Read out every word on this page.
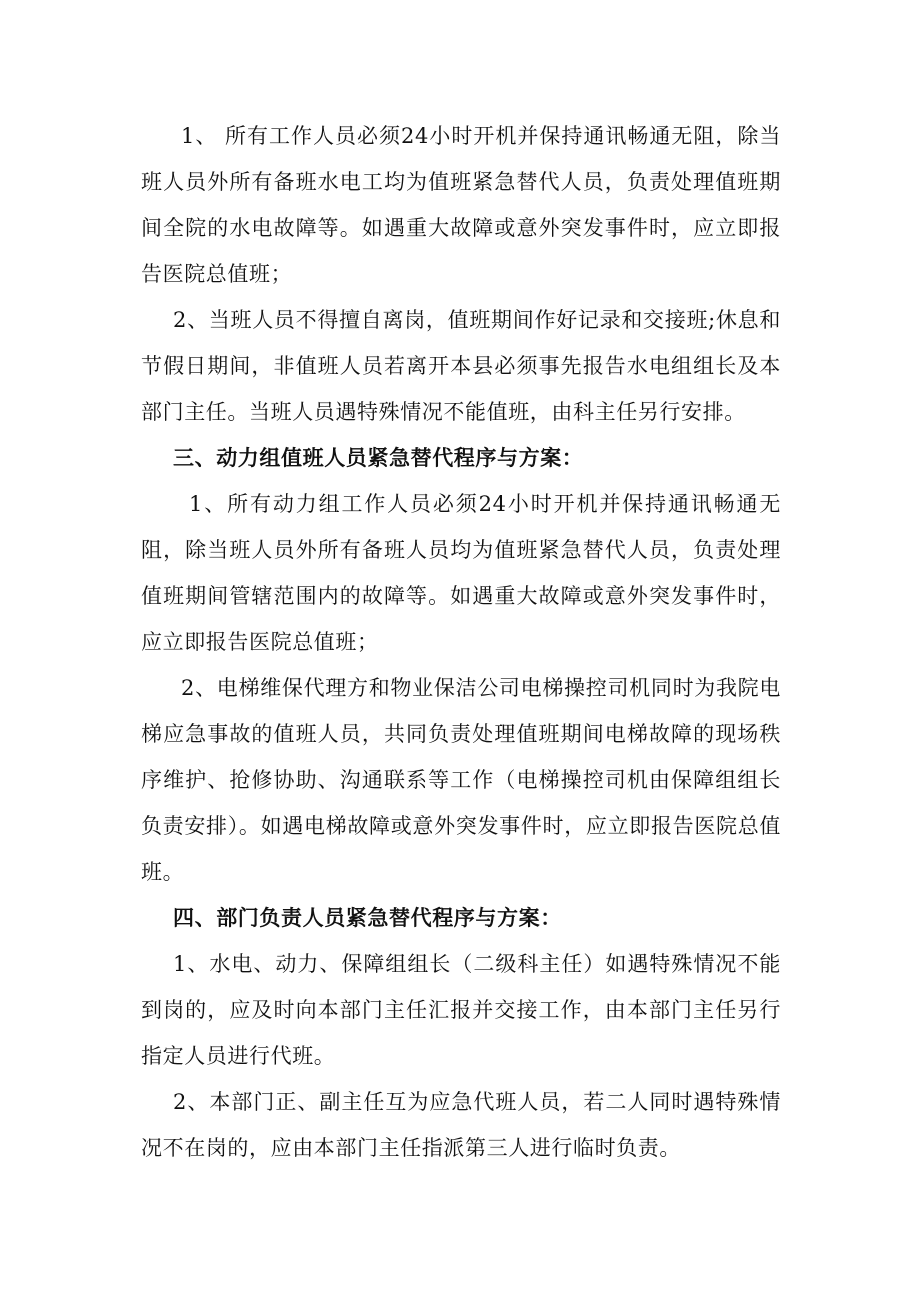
1、 所有工作人员必须24小时开机并保持通讯畅通无阻，除当班人员外所有备班水电工均为值班紧急替代人员，负责处理值班期间全院的水电故障等。如遇重大故障或意外突发事件时，应立即报告医院总值班；

2、当班人员不得擅自离岗，值班期间作好记录和交接班;休息和节假日期间，非值班人员若离开本县必须事先报告水电组组长及本部门主任。当班人员遇特殊情况不能值班，由科主任另行安排。

三、动力组值班人员紧急替代程序与方案：

1、所有动力组工作人员必须24小时开机并保持通讯畅通无阻，除当班人员外所有备班人员均为值班紧急替代人员，负责处理值班期间管辖范围内的故障等。如遇重大故障或意外突发事件时，应立即报告医院总值班；

2、电梯维保代理方和物业保洁公司电梯操控司机同时为我院电梯应急事故的值班人员，共同负责处理值班期间电梯故障的现场秩序维护、抢修协助、沟通联系等工作（电梯操控司机由保障组组长负责安排）。如遇电梯故障或意外突发事件时，应立即报告医院总值班。

四、部门负责人员紧急替代程序与方案：

1、水电、动力、保障组组长（二级科主任）如遇特殊情况不能到岗的，应及时向本部门主任汇报并交接工作，由本部门主任另行指定人员进行代班。

2、本部门正、副主任互为应急代班人员，若二人同时遇特殊情况不在岗的，应由本部门主任指派第三人进行临时负责。
